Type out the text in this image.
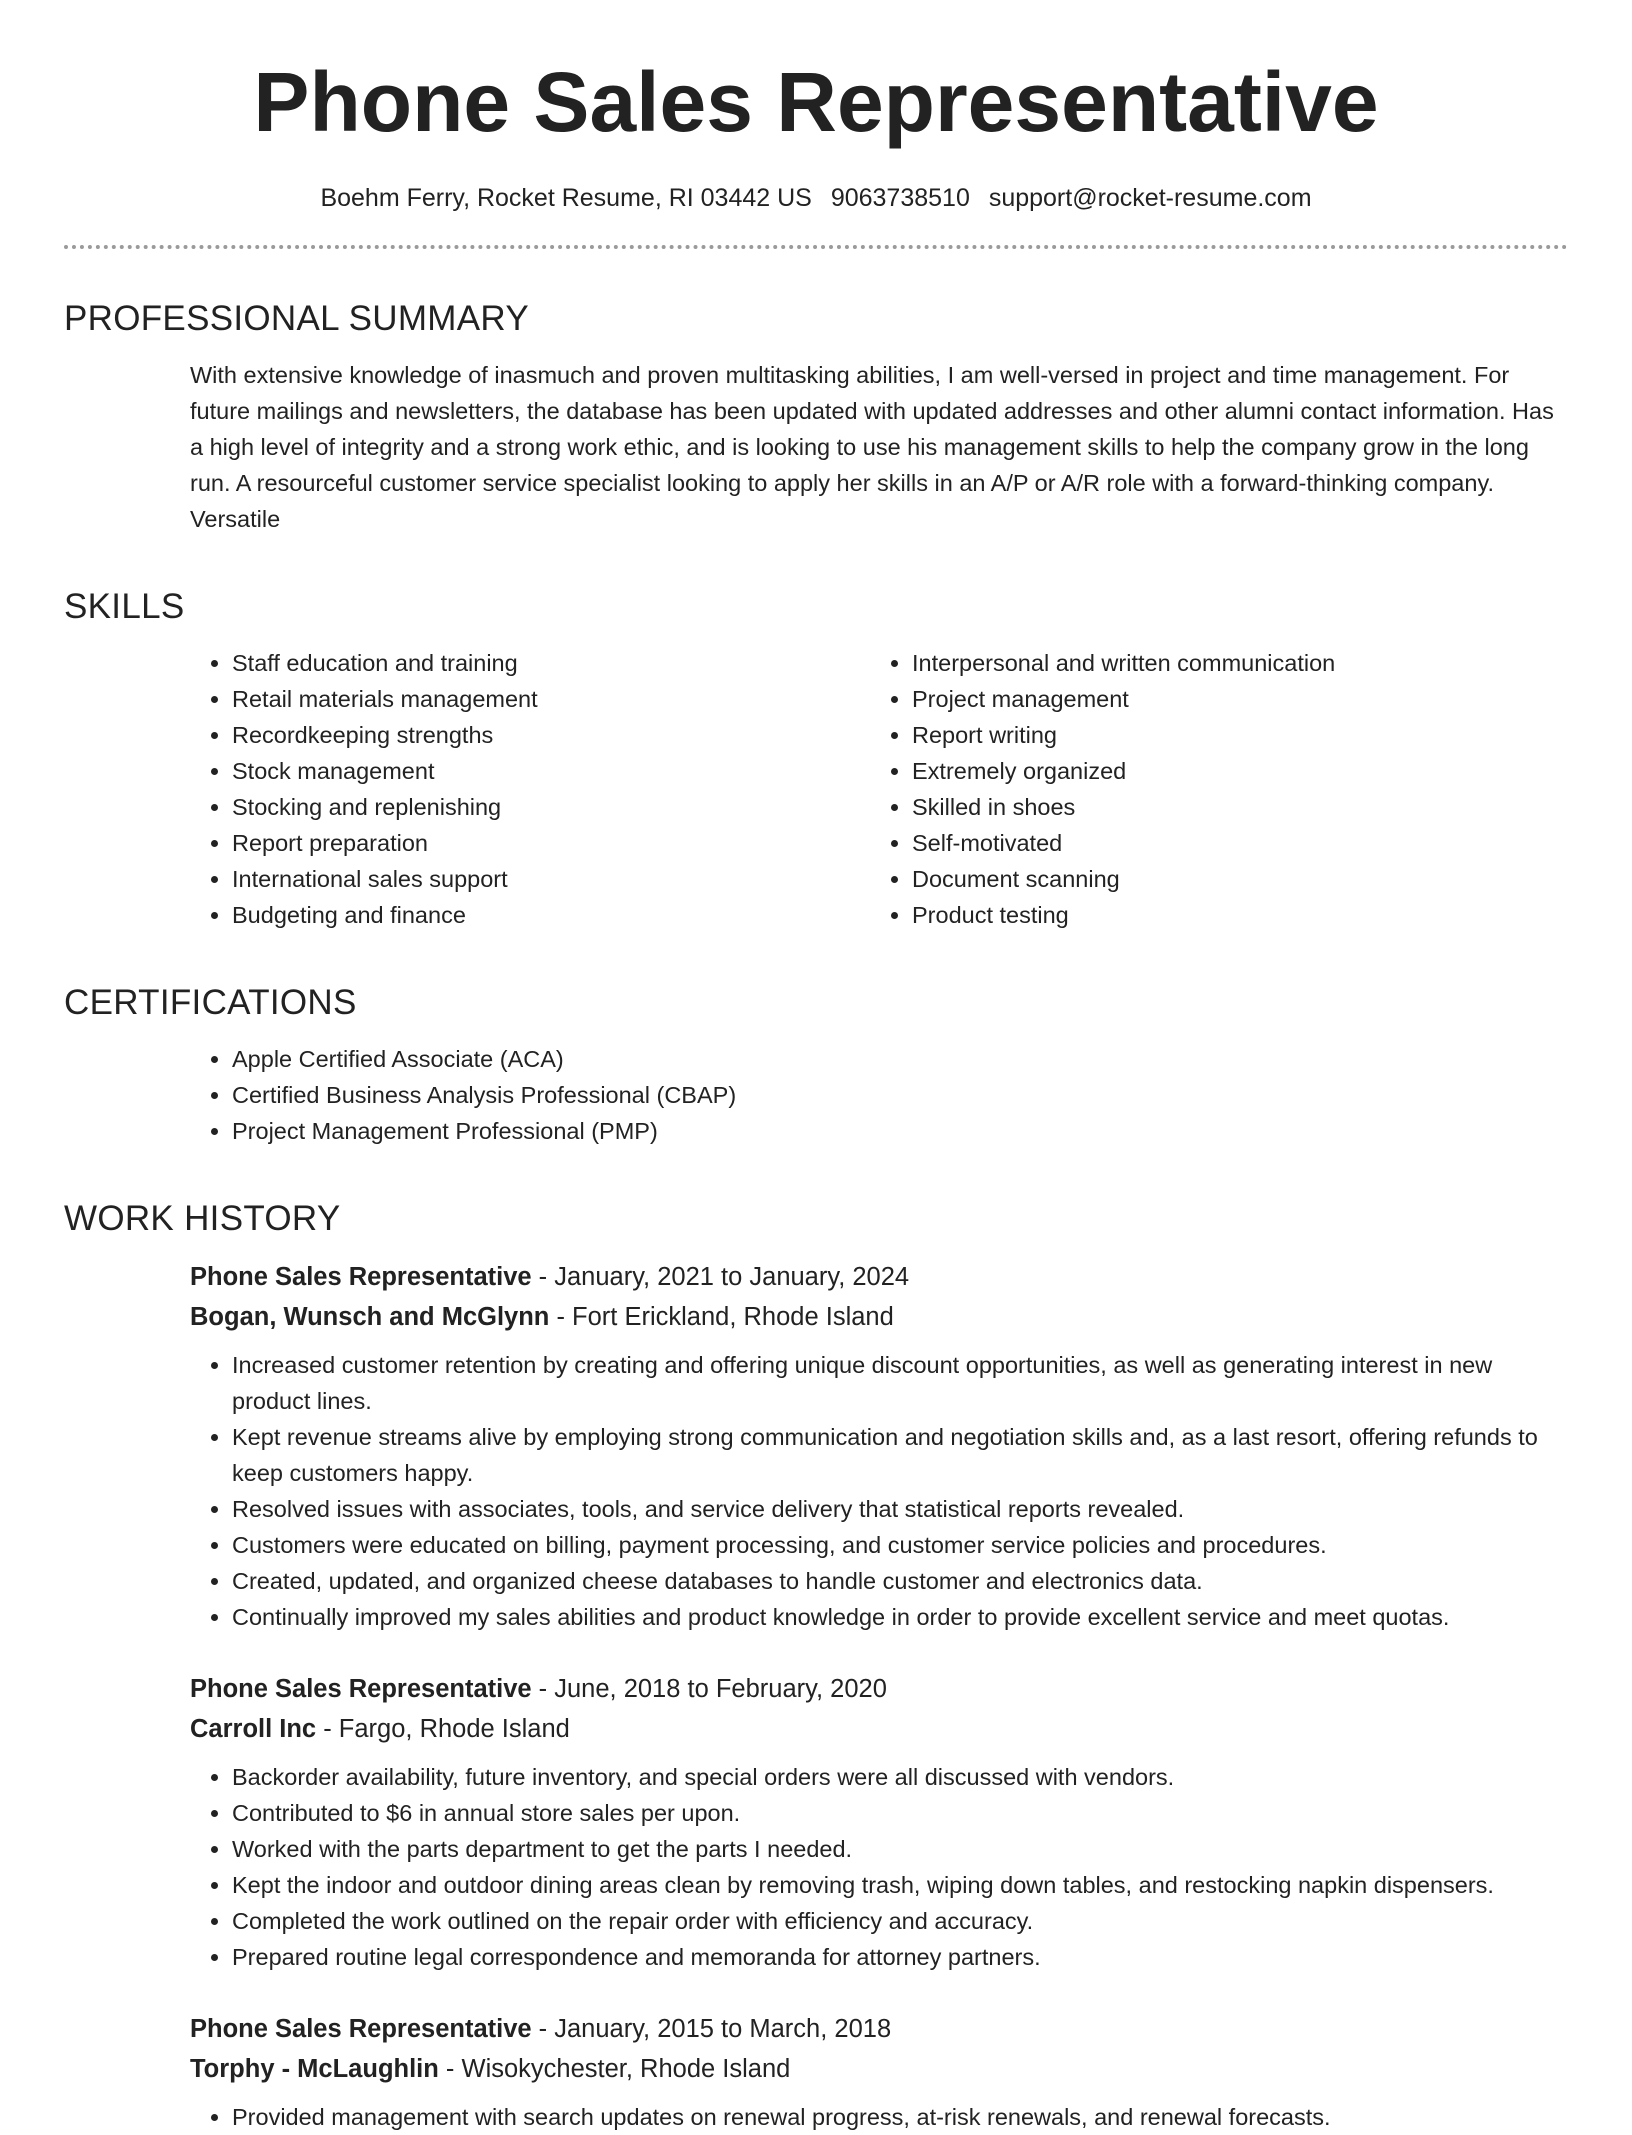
Phone Sales Representative
Boehm Ferry, Rocket Resume, RI 03442 US 9063738510 support@rocket-resume.com
PROFESSIONAL SUMMARY
With extensive knowledge of inasmuch and proven multitasking abilities, I am well-versed in project and time management. For future mailings and newsletters, the database has been updated with updated addresses and other alumni contact information. Has a high level of integrity and a strong work ethic, and is looking to use his management skills to help the company grow in the long run. A resourceful customer service specialist looking to apply her skills in an A/P or A/R role with a forward-thinking company. Versatile
SKILLS
• Staff education and training
• Retail materials management
• Recordkeeping strengths
• Stock management
• Stocking and replenishing
• Report preparation
• International sales support
• Budgeting and finance
• Interpersonal and written communication
• Project management
• Report writing
• Extremely organized
• Skilled in shoes
• Self-motivated
• Document scanning
• Product testing
CERTIFICATIONS
• Apple Certified Associate (ACA)
• Certified Business Analysis Professional (CBAP)
• Project Management Professional (PMP)
WORK HISTORY
Phone Sales Representative - January, 2021 to January, 2024
Bogan, Wunsch and McGlynn - Fort Erickland, Rhode Island
• Increased customer retention by creating and offering unique discount opportunities, as well as generating interest in new product lines.
• Kept revenue streams alive by employing strong communication and negotiation skills and, as a last resort, offering refunds to keep customers happy.
• Resolved issues with associates, tools, and service delivery that statistical reports revealed.
• Customers were educated on billing, payment processing, and customer service policies and procedures.
• Created, updated, and organized cheese databases to handle customer and electronics data.
• Continually improved my sales abilities and product knowledge in order to provide excellent service and meet quotas.
Phone Sales Representative - June, 2018 to February, 2020
Carroll Inc - Fargo, Rhode Island
• Backorder availability, future inventory, and special orders were all discussed with vendors.
• Contributed to $6 in annual store sales per upon.
• Worked with the parts department to get the parts I needed.
• Kept the indoor and outdoor dining areas clean by removing trash, wiping down tables, and restocking napkin dispensers.
• Completed the work outlined on the repair order with efficiency and accuracy.
• Prepared routine legal correspondence and memoranda for attorney partners.
Phone Sales Representative - January, 2015 to March, 2018
Torphy - McLaughlin - Wisokychester, Rhode Island
• Provided management with search updates on renewal progress, at-risk renewals, and renewal forecasts.
